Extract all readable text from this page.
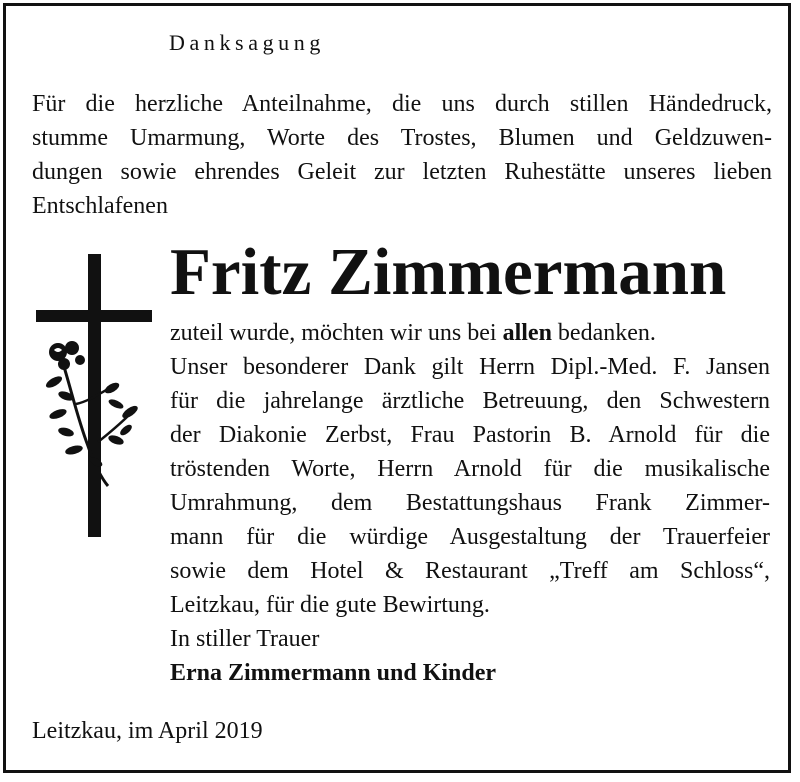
Danksagung
Für die herzliche Anteilnahme, die uns durch stillen Händedruck,
stumme Umarmung, Worte des Trostes, Blumen und Geldzuwen-
dungen sowie ehrendes Geleit zur letzten Ruhestätte unseres lieben
Entschlafenen
Fritz Zimmermann
zuteil wurde, möchten wir uns bei allen bedanken.
Unser besonderer Dank gilt Herrn Dipl.-Med. F. Jansen
für die jahrelange ärztliche Betreuung, den Schwestern
der Diakonie Zerbst, Frau Pastorin B. Arnold für die
tröstenden Worte, Herrn Arnold für die musikalische
Umrahmung, dem Bestattungshaus Frank Zimmer-
mann für die würdige Ausgestaltung der Trauerfeier
sowie dem Hotel & Restaurant „Treff am Schloss“,
Leitzkau, für die gute Bewirtung.
In stiller Trauer
Erna Zimmermann und Kinder
Leitzkau, im April 2019
